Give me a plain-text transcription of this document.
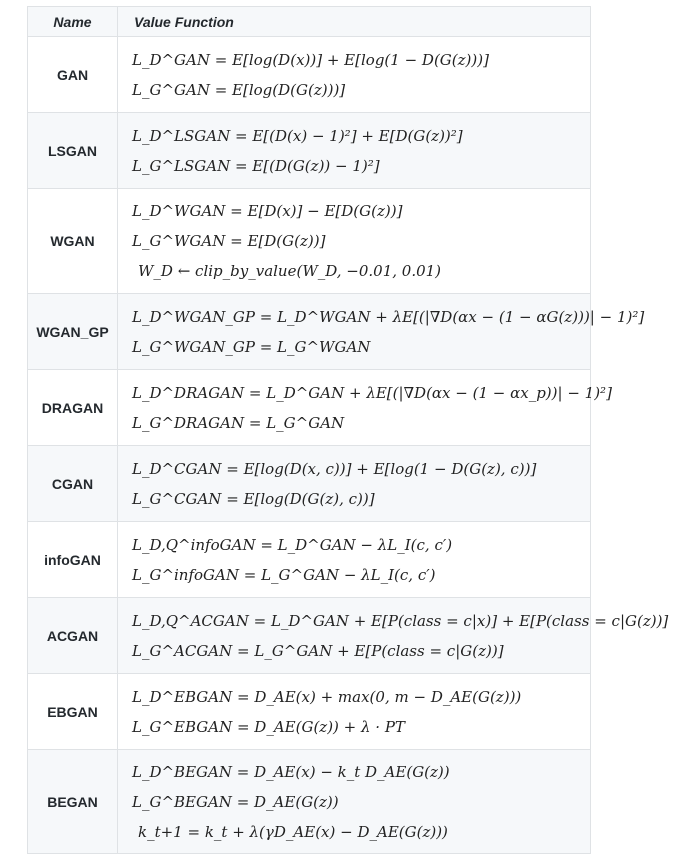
Name	Value Function
GAN
L_D^GAN = E[log(D(x))] + E[log(1 − D(G(z)))]
L_G^GAN = E[log(D(G(z)))]
LSGAN
L_D^LSGAN = E[(D(x) − 1)²] + E[D(G(z))²]
L_G^LSGAN = E[(D(G(z)) − 1)²]
WGAN
L_D^WGAN = E[D(x)] − E[D(G(z))]
L_G^WGAN = E[D(G(z))]
W_D ← clip_by_value(W_D, −0.01, 0.01)
WGAN_GP
L_D^WGAN_GP = L_D^WGAN + λE[(|∇D(αx − (1 − αG(z)))| − 1)²]
L_G^WGAN_GP = L_G^WGAN
DRAGAN
L_D^DRAGAN = L_D^GAN + λE[(|∇D(αx − (1 − αx_p))| − 1)²]
L_G^DRAGAN = L_G^GAN
CGAN
L_D^CGAN = E[log(D(x, c))] + E[log(1 − D(G(z), c))]
L_G^CGAN = E[log(D(G(z), c))]
infoGAN
L_D,Q^infoGAN = L_D^GAN − λL_I(c, c′)
L_G^infoGAN = L_G^GAN − λL_I(c, c′)
ACGAN
L_D,Q^ACGAN = L_D^GAN + E[P(class = c|x)] + E[P(class = c|G(z))]
L_G^ACGAN = L_G^GAN + E[P(class = c|G(z))]
EBGAN
L_D^EBGAN = D_AE(x) + max(0, m − D_AE(G(z)))
L_G^EBGAN = D_AE(G(z)) + λ · PT
BEGAN
L_D^BEGAN = D_AE(x) − k_t D_AE(G(z))
L_G^BEGAN = D_AE(G(z))
k_t+1 = k_t + λ(γD_AE(x) − D_AE(G(z)))
